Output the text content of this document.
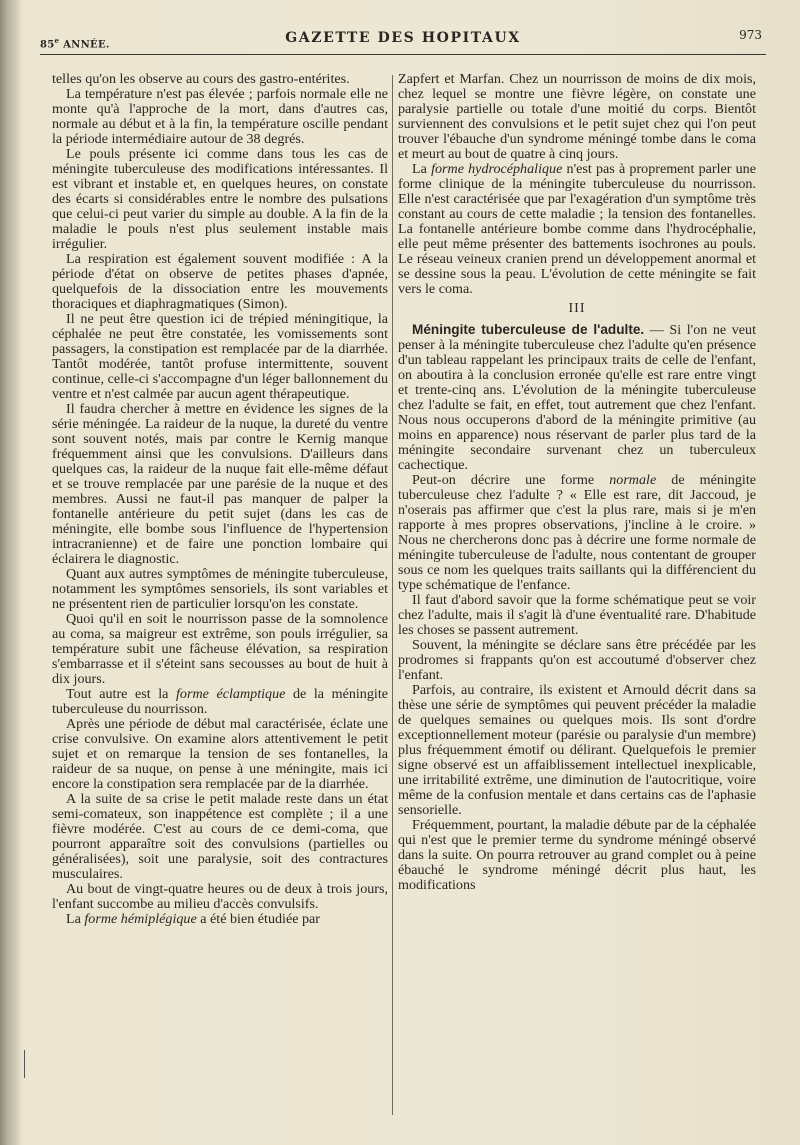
85e ANNÉE.	GAZETTE DES HOPITAUX	973

telles qu'on les observe au cours des gastro-entérites.

La température n'est pas élevée ; parfois normale elle ne monte qu'à l'approche de la mort, dans d'autres cas, normale au début et à la fin, la température oscille pendant la période intermédiaire autour de 38 degrés.

Le pouls présente ici comme dans tous les cas de méningite tuberculeuse des modifications intéressantes. Il est vibrant et instable et, en quelques heures, on constate des écarts si considérables entre le nombre des pulsations que celui-ci peut varier du simple au double. A la fin de la maladie le pouls n'est plus seulement instable mais irrégulier.

La respiration est également souvent modifiée : A la période d'état on observe de petites phases d'apnée, quelquefois de la dissociation entre les mouvements thoraciques et diaphragmatiques (Simon).

Il ne peut être question ici de trépied méningitique, la céphalée ne peut être constatée, les vomissements sont passagers, la constipation est remplacée par de la diarrhée. Tantôt modérée, tantôt profuse intermittente, souvent continue, celle-ci s'accompagne d'un léger ballonnement du ventre et n'est calmée par aucun agent thérapeutique.

Il faudra chercher à mettre en évidence les signes de la série méningée. La raideur de la nuque, la dureté du ventre sont souvent notés, mais par contre le Kernig manque fréquemment ainsi que les convulsions. D'ailleurs dans quelques cas, la raideur de la nuque fait elle-même défaut et se trouve remplacée par une parésie de la nuque et des membres. Aussi ne faut-il pas manquer de palper la fontanelle antérieure du petit sujet (dans les cas de méningite, elle bombe sous l'influence de l'hypertension intracranienne) et de faire une ponction lombaire qui éclairera le diagnostic.

Quant aux autres symptômes de méningite tuberculeuse, notamment les symptômes sensoriels, ils sont variables et ne présentent rien de particulier lorsqu'on les constate.

Quoi qu'il en soit le nourrisson passe de la somnolence au coma, sa maigreur est extrême, son pouls irrégulier, sa température subit une fâcheuse élévation, sa respiration s'embarrasse et il s'éteint sans secousses au bout de huit à dix jours.

Tout autre est la forme éclamptique de la méningite tuberculeuse du nourrisson.

Après une période de début mal caractérisée, éclate une crise convulsive. On examine alors attentivement le petit sujet et on remarque la tension de ses fontanelles, la raideur de sa nuque, on pense à une méningite, mais ici encore la constipation sera remplacée par de la diarrhée.

A la suite de sa crise le petit malade reste dans un état semi-comateux, son inappétence est complète ; il a une fièvre modérée. C'est au cours de ce demi-coma, que pourront apparaître soit des convulsions (partielles ou généralisées), soit une paralysie, soit des contractures musculaires.

Au bout de vingt-quatre heures ou de deux à trois jours, l'enfant succombe au milieu d'accès convulsifs.

La forme hémiplégique a été bien étudiée par

Zapfert et Marfan. Chez un nourrisson de moins de dix mois, chez lequel se montre une fièvre légère, on constate une paralysie partielle ou totale d'une moitié du corps. Bientôt surviennent des convulsions et le petit sujet chez qui l'on peut trouver l'ébauche d'un syndrome méningé tombe dans le coma et meurt au bout de quatre à cinq jours.

La forme hydrocéphalique n'est pas à proprement parler une forme clinique de la méningite tuberculeuse du nourrisson. Elle n'est caractérisée que par l'exagération d'un symptôme très constant au cours de cette maladie ; la tension des fontanelles. La fontanelle antérieure bombe comme dans l'hydrocéphalie, elle peut même présenter des battements isochrones au pouls. Le réseau veineux cranien prend un développement anormal et se dessine sous la peau. L'évolution de cette méningite se fait vers le coma.

III

Méningite tuberculeuse de l'adulte. — Si l'on ne veut penser à la méningite tuberculeuse chez l'adulte qu'en présence d'un tableau rappelant les principaux traits de celle de l'enfant, on aboutira à la conclusion erronée qu'elle est rare entre vingt et trente-cinq ans. L'évolution de la méningite tuberculeuse chez l'adulte se fait, en effet, tout autrement que chez l'enfant. Nous nous occuperons d'abord de la méningite primitive (au moins en apparence) nous réservant de parler plus tard de la méningite secondaire survenant chez un tuberculeux cachectique.

Peut-on décrire une forme normale de méningite tuberculeuse chez l'adulte ? « Elle est rare, dit Jaccoud, je n'oserais pas affirmer que c'est la plus rare, mais si je m'en rapporte à mes propres observations, j'incline à le croire. » Nous ne chercherons donc pas à décrire une forme normale de méningite tuberculeuse de l'adulte, nous contentant de grouper sous ce nom les quelques traits saillants qui la différencient du type schématique de l'enfance.

Il faut d'abord savoir que la forme schématique peut se voir chez l'adulte, mais il s'agit là d'une éventualité rare. D'habitude les choses se passent autrement.

Souvent, la méningite se déclare sans être précédée par les prodromes si frappants qu'on est accoutumé d'observer chez l'enfant.

Parfois, au contraire, ils existent et Arnould décrit dans sa thèse une série de symptômes qui peuvent précéder la maladie de quelques semaines ou quelques mois. Ils sont d'ordre exceptionnellement moteur (parésie ou paralysie d'un membre) plus fréquemment émotif ou délirant. Quelquefois le premier signe observé est un affaiblissement intellectuel inexplicable, une irritabilité extrême, une diminution de l'autocritique, voire même de la confusion mentale et dans certains cas de l'aphasie sensorielle.

Fréquemment, pourtant, la maladie débute par de la céphalée qui n'est que le premier terme du syndrome méningé observé dans la suite. On pourra retrouver au grand complet ou à peine ébauché le syndrome méningé décrit plus haut, les modifications
